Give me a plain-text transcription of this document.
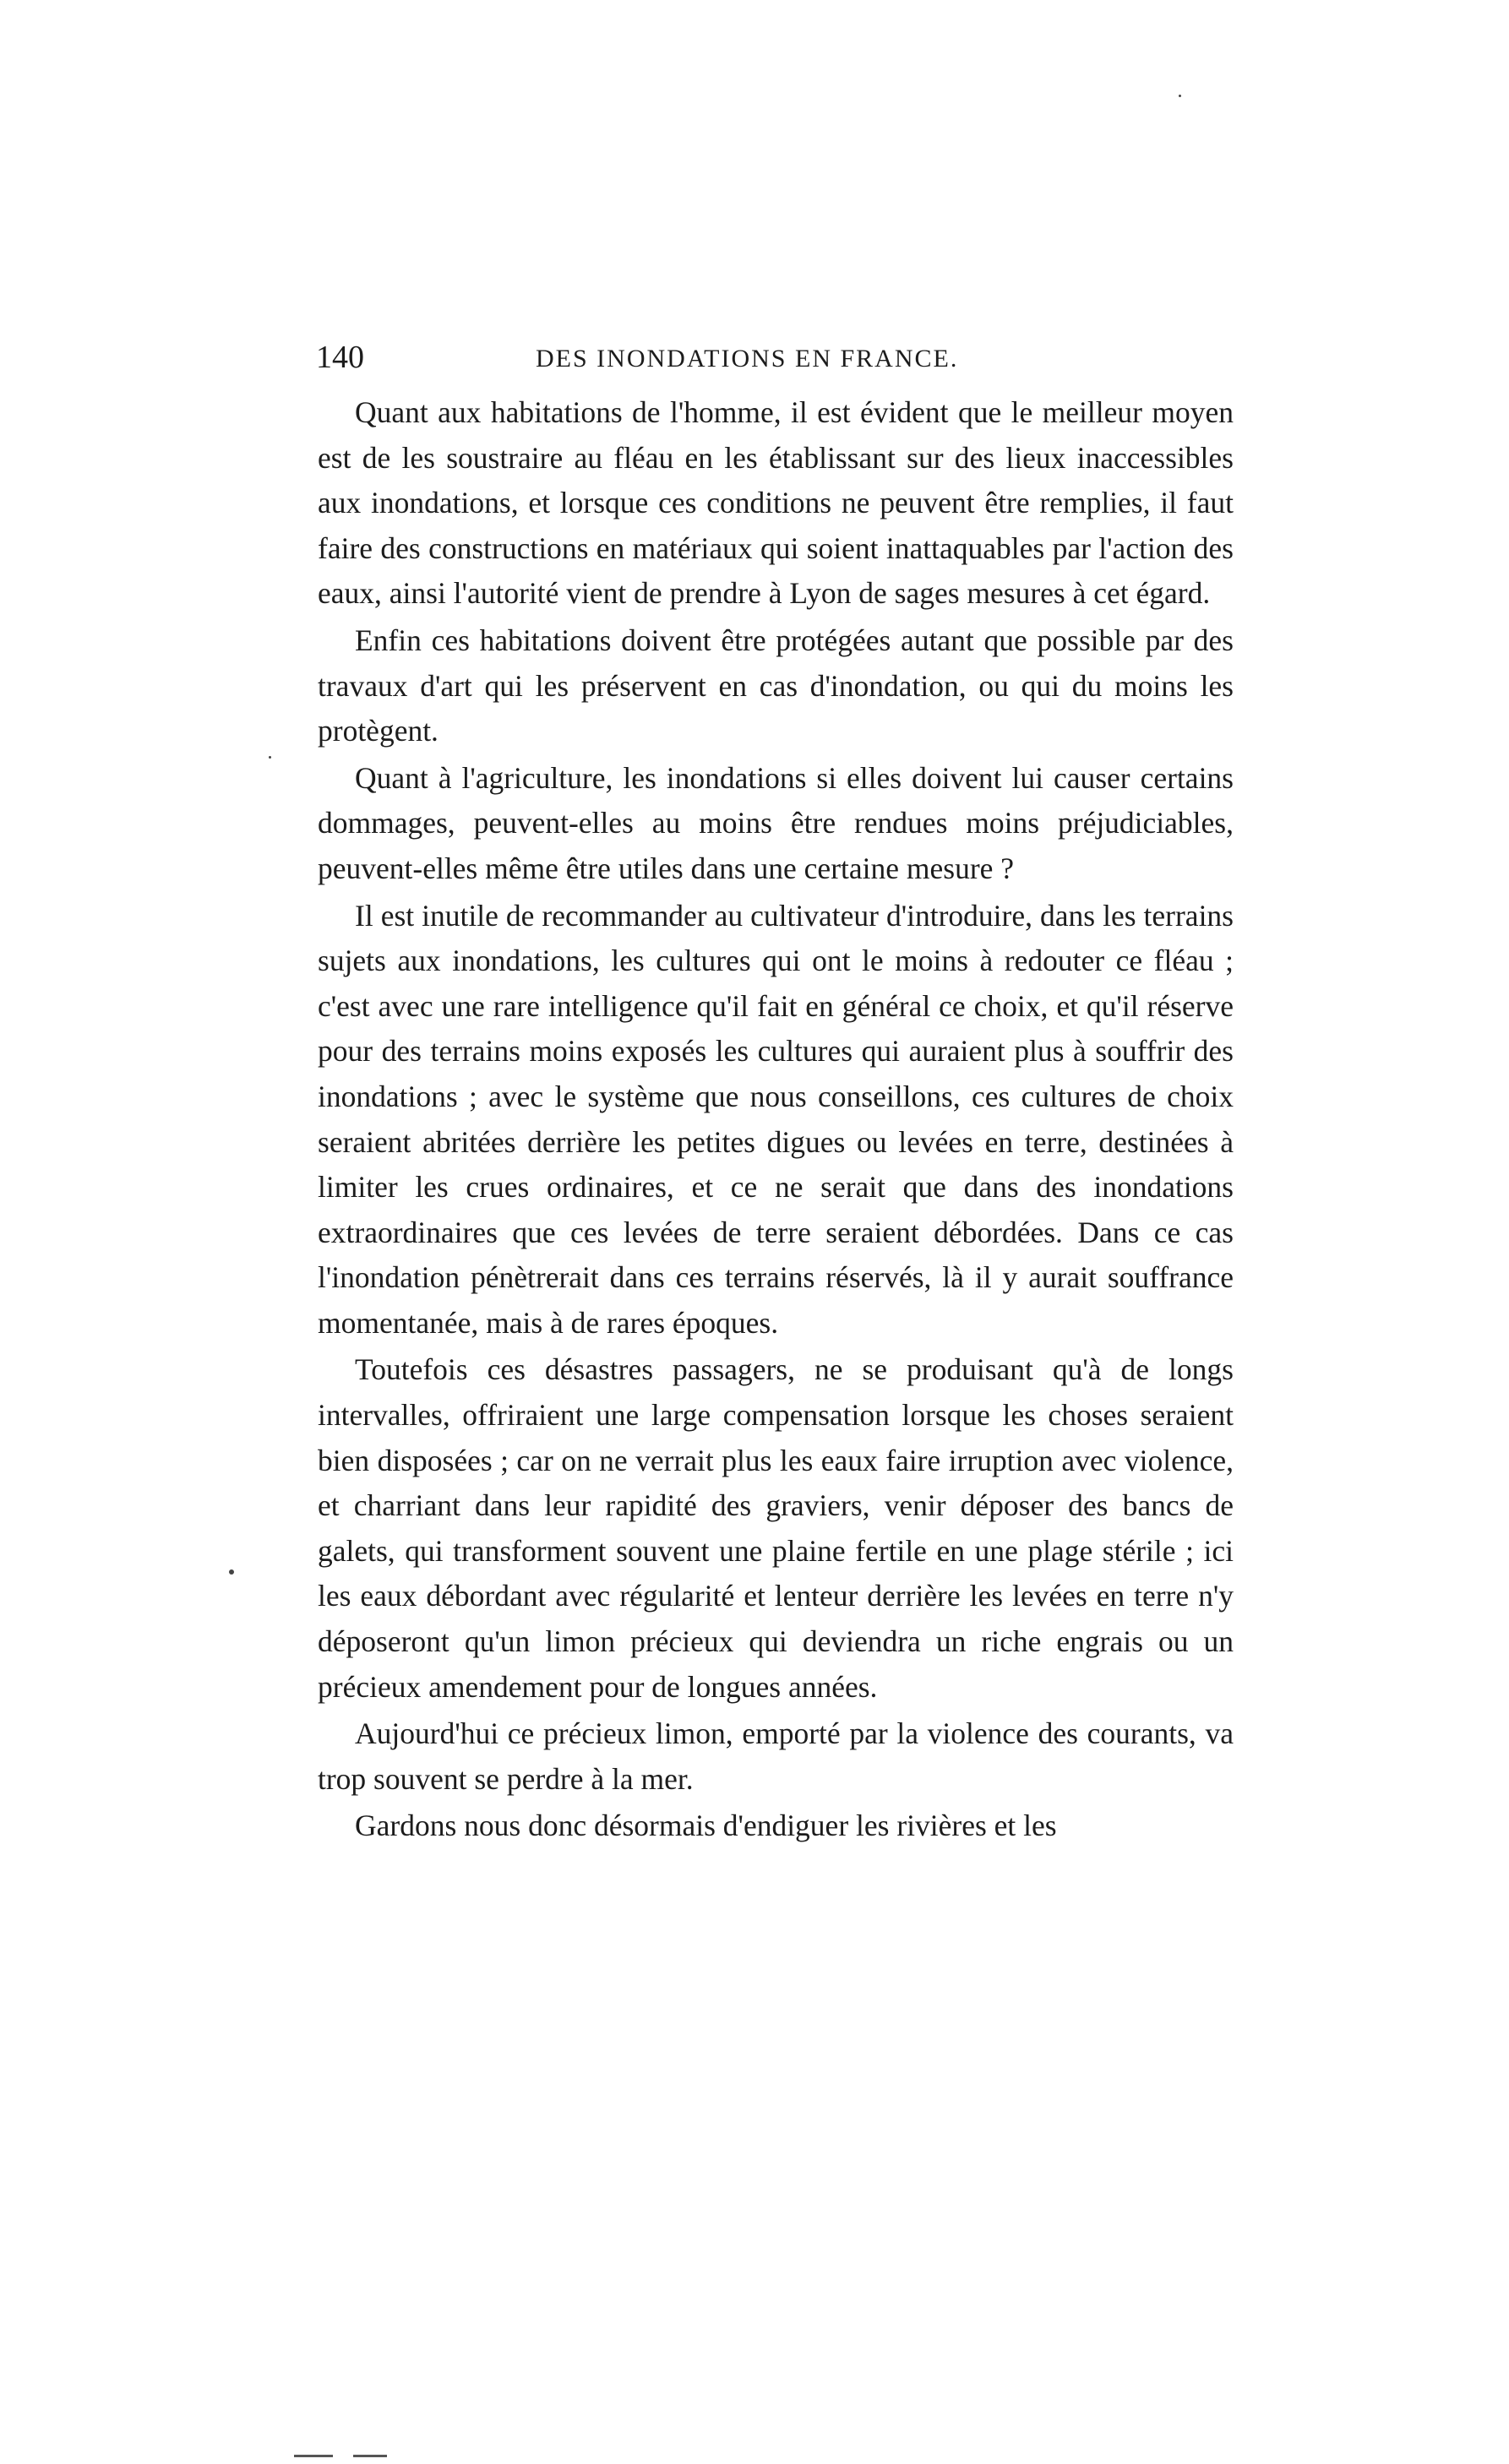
140	DES INONDATIONS EN FRANCE.

Quant aux habitations de l'homme, il est évident que le meilleur moyen est de les soustraire au fléau en les établissant sur des lieux inaccessibles aux inondations, et lorsque ces conditions ne peuvent être remplies, il faut faire des constructions en matériaux qui soient inattaquables par l'action des eaux, ainsi l'autorité vient de prendre à Lyon de sages mesures à cet égard.

Enfin ces habitations doivent être protégées autant que possible par des travaux d'art qui les préservent en cas d'inondation, ou qui du moins les protègent.

Quant à l'agriculture, les inondations si elles doivent lui causer certains dommages, peuvent-elles au moins être rendues moins préjudiciables, peuvent-elles même être utiles dans une certaine mesure ?

Il est inutile de recommander au cultivateur d'introduire, dans les terrains sujets aux inondations, les cultures qui ont le moins à redouter ce fléau ; c'est avec une rare intelligence qu'il fait en général ce choix, et qu'il réserve pour des terrains moins exposés les cultures qui auraient plus à souffrir des inondations ; avec le système que nous conseillons, ces cultures de choix seraient abritées derrière les petites digues ou levées en terre, destinées à limiter les crues ordinaires, et ce ne serait que dans des inondations extraordinaires que ces levées de terre seraient débordées. Dans ce cas l'inondation pénètrerait dans ces terrains réservés, là il y aurait souffrance momentanée, mais à de rares époques.

Toutefois ces désastres passagers, ne se produisant qu'à de longs intervalles, offriraient une large compensation lorsque les choses seraient bien disposées ; car on ne verrait plus les eaux faire irruption avec violence, et charriant dans leur rapidité des graviers, venir déposer des bancs de galets, qui transforment souvent une plaine fertile en une plage stérile ; ici les eaux débordant avec régularité et lenteur derrière les levées en terre n'y déposeront qu'un limon précieux qui deviendra un riche engrais ou un précieux amendement pour de longues années.

Aujourd'hui ce précieux limon, emporté par la violence des courants, va trop souvent se perdre à la mer.

Gardons nous donc désormais d'endiguer les rivières et les
